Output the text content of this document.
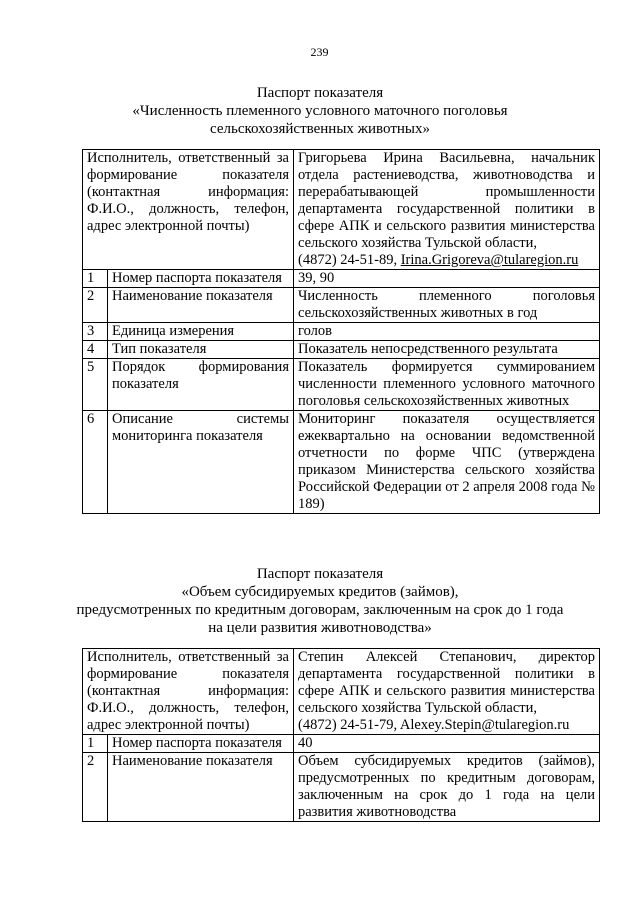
239
Паспорт показателя
«Численность племенного условного маточного поголовья
сельскохозяйственных животных»
Исполнитель, ответственный за формирование показателя (контактная информация: Ф.И.О., должность, телефон, адрес электронной почты)		Григорьева Ирина Васильевна, начальник отдела растениеводства, животноводства и перерабатывающей промышленности департамента государственной политики в сфере АПК и сельского развития министерства сельского хозяйства Тульской области,
(4872) 24-51-89, Irina.Grigoreva@tularegion.ru
1	Номер паспорта показателя	39, 90
2	Наименование показателя	Численность племенного поголовья сельскохозяйственных животных в год
3	Единица измерения	голов
4	Тип показателя	Показатель непосредственного результата
5	Порядок формирования показателя	Показатель формируется суммированием численности племенного условного маточного поголовья сельскохозяйственных животных
6	Описание системы мониторинга показателя	Мониторинг показателя осуществляется ежеквартально на основании ведомственной отчетности по форме ЧПС (утверждена приказом Министерства сельского хозяйства Российской Федерации от 2 апреля 2008 года № 189)
Паспорт показателя
«Объем субсидируемых кредитов (займов),
предусмотренных по кредитным договорам, заключенным на срок до 1 года
на цели развития животноводства»
Исполнитель, ответственный за формирование показателя (контактная информация: Ф.И.О., должность, телефон, адрес электронной почты)		Степин Алексей Степанович, директор департамента государственной политики в сфере АПК и сельского развития министерства сельского хозяйства Тульской области,
(4872) 24-51-79, Alexey.Stepin@tularegion.ru
1	Номер паспорта показателя	40
2	Наименование показателя	Объем субсидируемых кредитов (займов), предусмотренных по кредитным договорам, заключенным на срок до 1 года на цели развития животноводства
